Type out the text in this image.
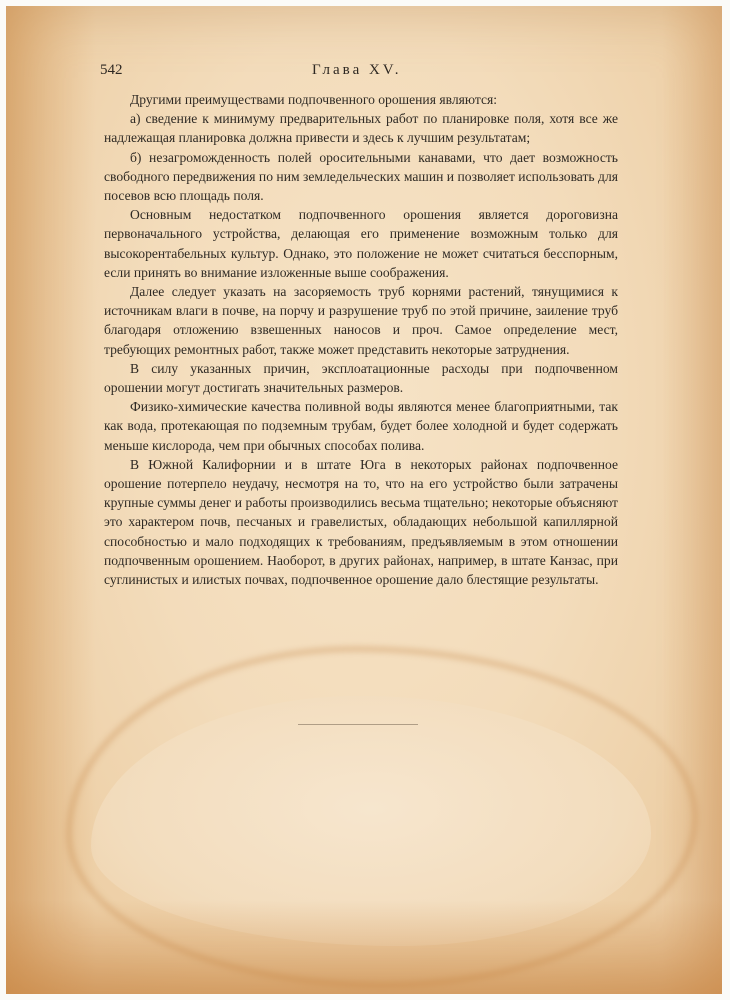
542	Глава XV.

Другими преимуществами подпочвенного орошения являются:

а) сведение к минимуму предварительных работ по планировке поля, хотя все же надлежащая планировка должна привести и здесь к лучшим результатам;

б) незагроможденность полей оросительными канавами, что дает возможность свободного передвижения по ним земледельческих машин и позволяет использовать для посевов всю площадь поля.

Основным недостатком подпочвенного орошения является дороговизна первоначального устройства, делающая его применение возможным только для высокорентабельных культур. Однако, это положение не может считаться бесспорным, если принять во внимание изложенные выше соображения.

Далее следует указать на засоряемость труб корнями растений, тянущимися к источникам влаги в почве, на порчу и разрушение труб по этой причине, заиление труб благодаря отложению взвешенных наносов и проч. Самое определение мест, требующих ремонтных работ, также может представить некоторые затруднения.

В силу указанных причин, эксплоатационные расходы при подпочвенном орошении могут достигать значительных размеров.

Физико-химические качества поливной воды являются менее благоприятными, так как вода, протекающая по подземным трубам, будет более холодной и будет содержать меньше кислорода, чем при обычных способах полива.

В Южной Калифорнии и в штате Юга в некоторых районах подпочвенное орошение потерпело неудачу, несмотря на то, что на его устройство были затрачены крупные суммы денег и работы производились весьма тщательно; некоторые объясняют это характером почв, песчаных и гравелистых, обладающих небольшой капиллярной способностью и мало подходящих к требованиям, предъявляемым в этом отношении подпочвенным орошением. Наоборот, в других районах, например, в штате Канзас, при суглинистых и илистых почвах, подпочвенное орошение дало блестящие результаты.
